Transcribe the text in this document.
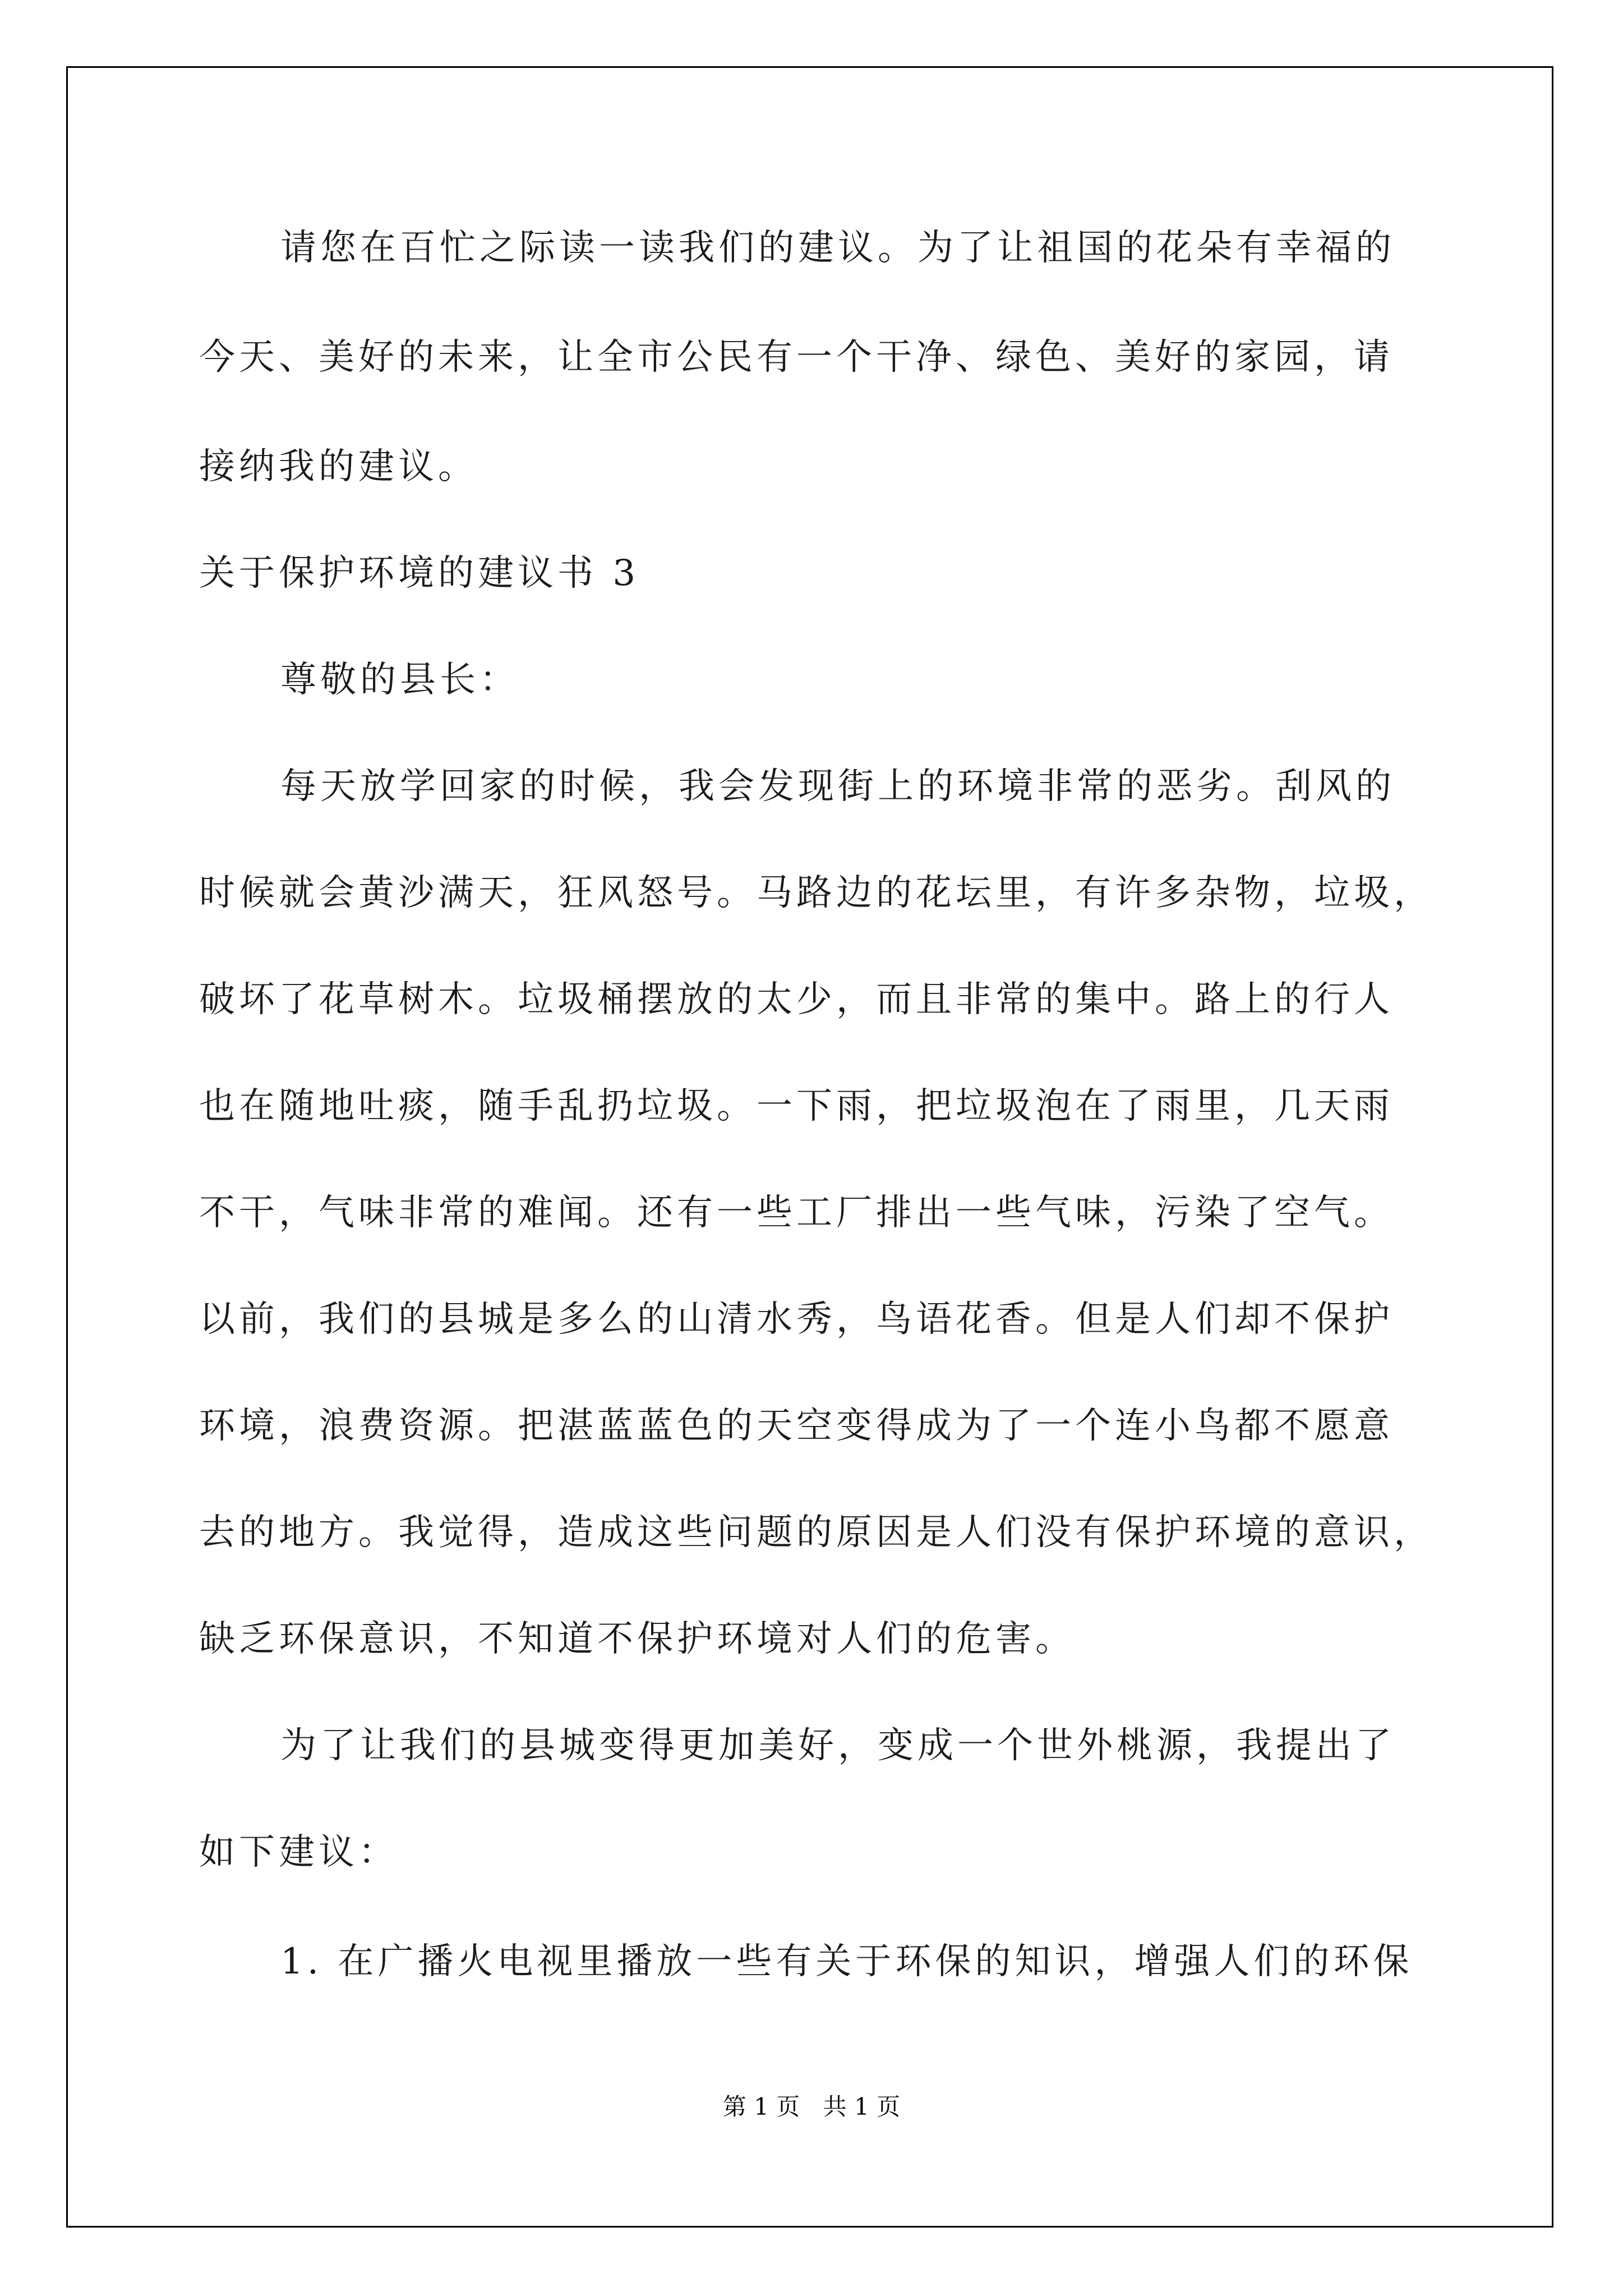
请您在百忙之际读一读我们的建议。为了让祖国的花朵有幸福的
今天、美好的未来，让全市公民有一个干净、绿色、美好的家园，请
接纳我的建议。
关于保护环境的建议书 3
尊敬的县长：
每天放学回家的时候，我会发现街上的环境非常的恶劣。刮风的
时候就会黄沙满天，狂风怒号。马路边的花坛里，有许多杂物，垃圾，
破坏了花草树木。垃圾桶摆放的太少，而且非常的集中。路上的行人
也在随地吐痰，随手乱扔垃圾。一下雨，把垃圾泡在了雨里，几天雨
不干，气味非常的难闻。还有一些工厂排出一些气味，污染了空气。
以前，我们的县城是多么的山清水秀，鸟语花香。但是人们却不保护
环境，浪费资源。把湛蓝蓝色的天空变得成为了一个连小鸟都不愿意
去的地方。我觉得，造成这些问题的原因是人们没有保护环境的意识，
缺乏环保意识，不知道不保护环境对人们的危害。
为了让我们的县城变得更加美好，变成一个世外桃源，我提出了
如下建议：
1. 在广播火电视里播放一些有关于环保的知识，增强人们的环保
第 1 页 共 1 页
